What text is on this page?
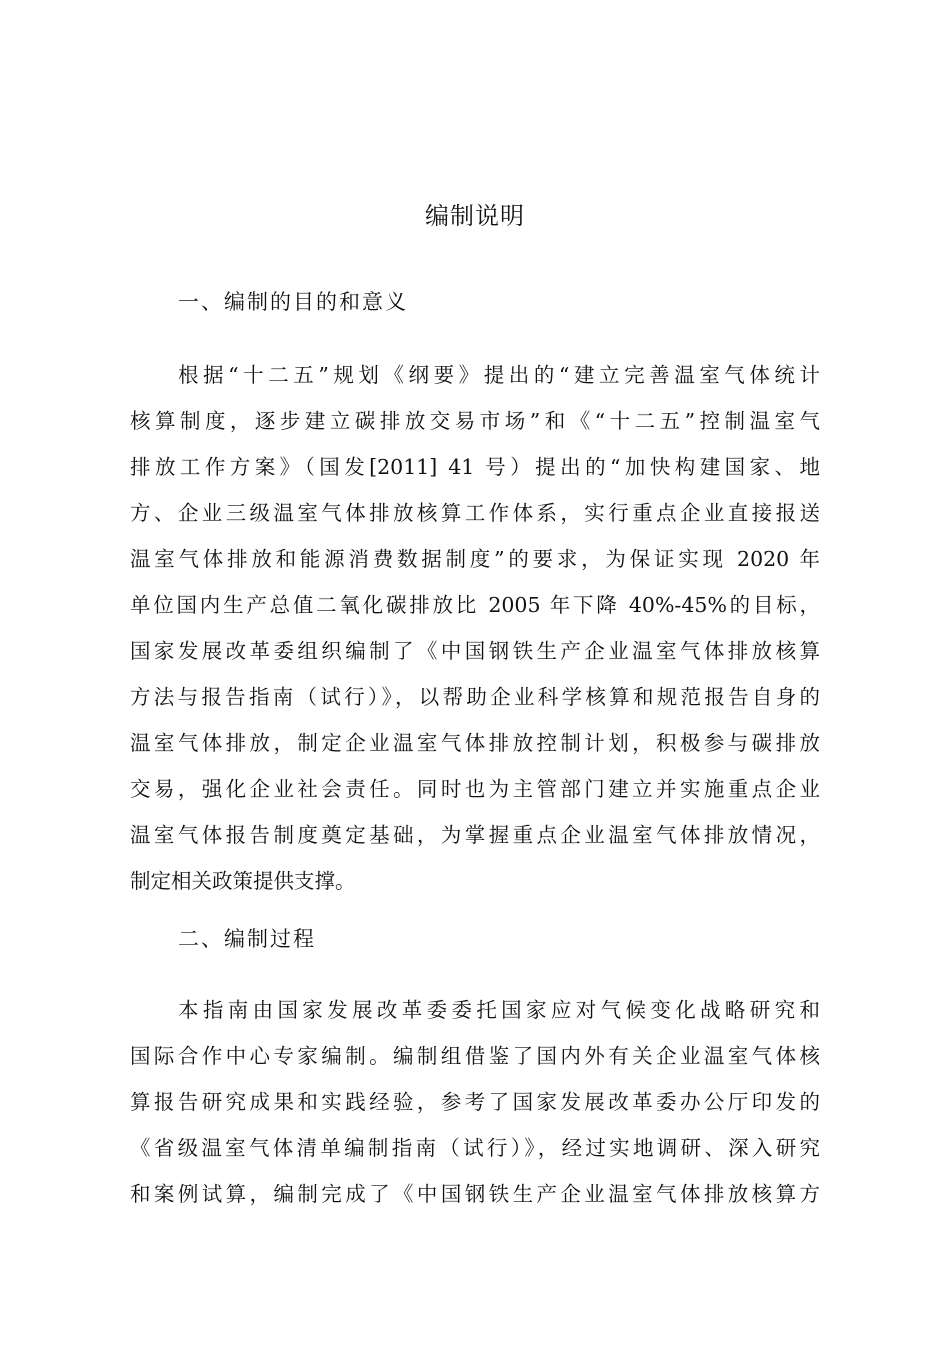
编制说明
一、编制的目的和意义
根据“十二五”规划《纲要》提出的“建立完善温室气体统计
核算制度，逐步建立碳排放交易市场”和《“十二五”控制温室气
排放工作方案》（国发[2011] 41 号）提出的“加快构建国家、地
方、企业三级温室气体排放核算工作体系，实行重点企业直接报送
温室气体排放和能源消费数据制度”的要求，为保证实现 2020 年
单位国内生产总值二氧化碳排放比 2005 年下降 40%-45%的目标，
国家发展改革委组织编制了《中国钢铁生产企业温室气体排放核算
方法与报告指南（试行）》，以帮助企业科学核算和规范报告自身的
温室气体排放，制定企业温室气体排放控制计划，积极参与碳排放
交易，强化企业社会责任。同时也为主管部门建立并实施重点企业
温室气体报告制度奠定基础，为掌握重点企业温室气体排放情况，
制定相关政策提供支撑。
二、编制过程
本指南由国家发展改革委委托国家应对气候变化战略研究和
国际合作中心专家编制。编制组借鉴了国内外有关企业温室气体核
算报告研究成果和实践经验，参考了国家发展改革委办公厅印发的
《省级温室气体清单编制指南（试行）》，经过实地调研、深入研究
和案例试算，编制完成了《中国钢铁生产企业温室气体排放核算方
